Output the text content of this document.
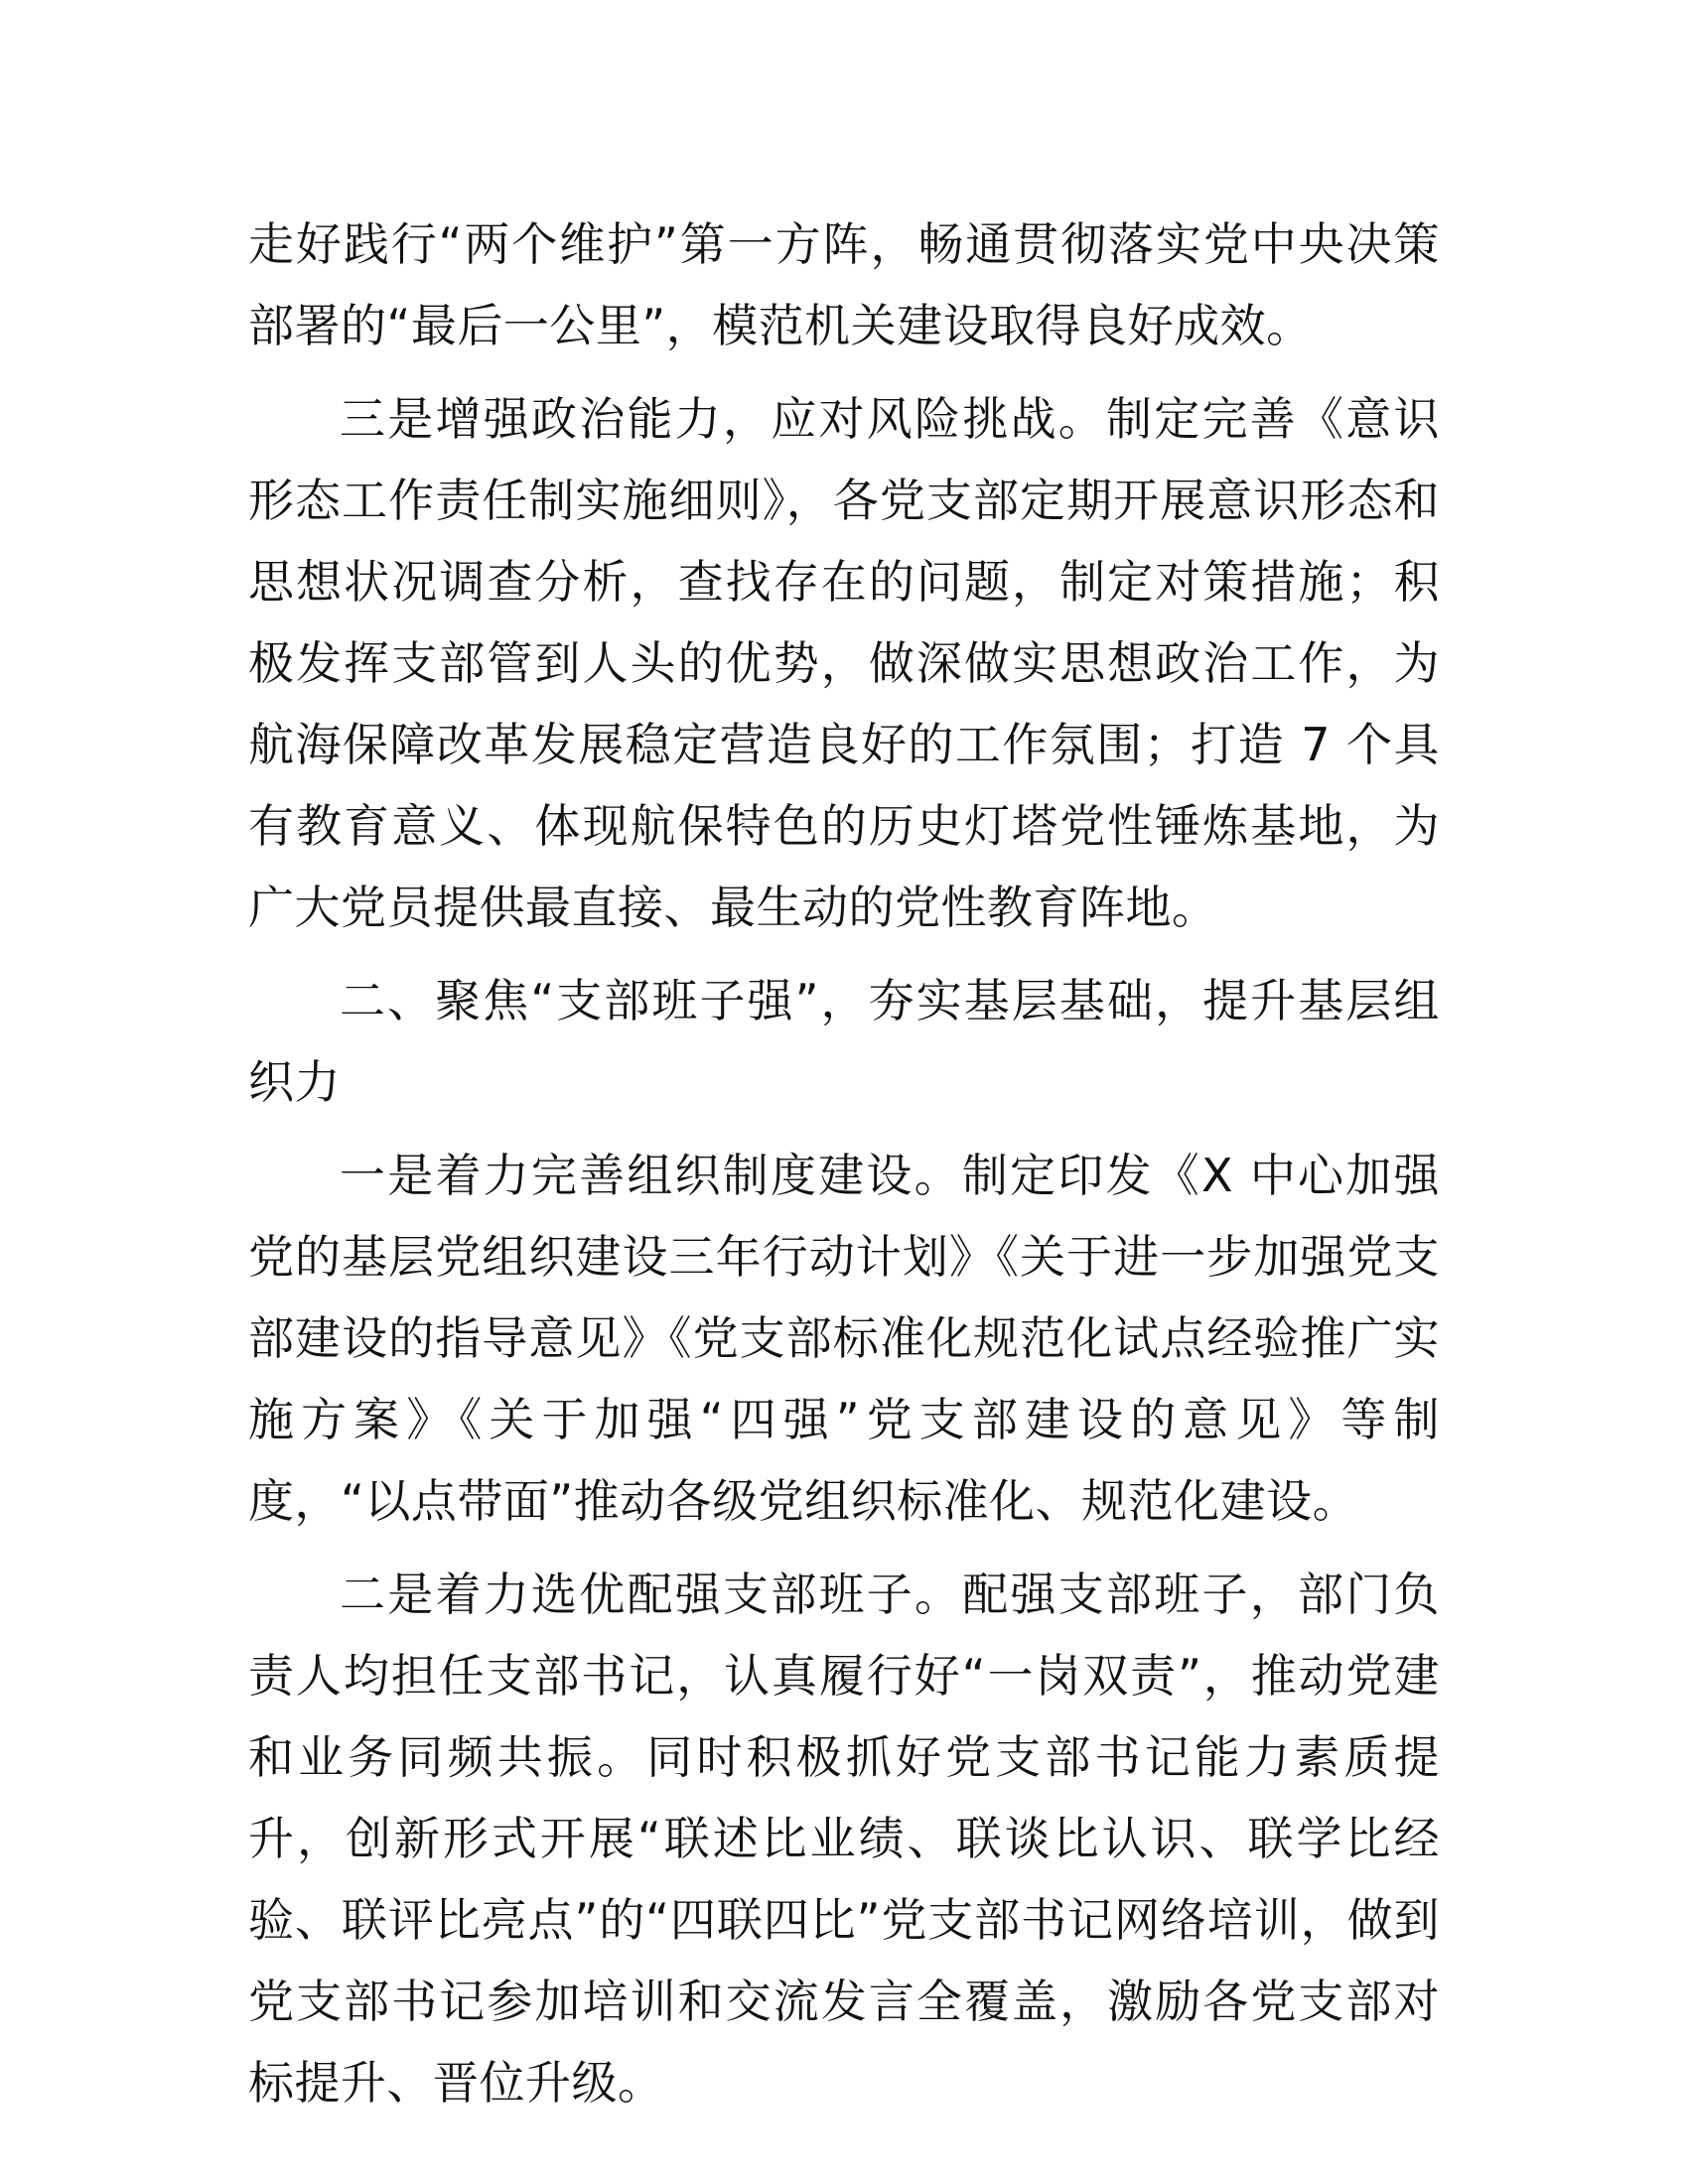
走好践行“两个维护”第一方阵，畅通贯彻落实党中央决策部署的“最后一公里”，模范机关建设取得良好成效。

三是增强政治能力，应对风险挑战。制定完善《意识形态工作责任制实施细则》，各党支部定期开展意识形态和思想状况调查分析，查找存在的问题，制定对策措施；积极发挥支部管到人头的优势，做深做实思想政治工作，为航海保障改革发展稳定营造良好的工作氛围；打造 7 个具有教育意义、体现航保特色的历史灯塔党性锤炼基地，为广大党员提供最直接、最生动的党性教育阵地。

二、聚焦“支部班子强”，夯实基层基础，提升基层组织力

一是着力完善组织制度建设。制定印发《X 中心加强党的基层党组织建设三年行动计划》《关于进一步加强党支部建设的指导意见》《党支部标准化规范化试点经验推广实施方案》《关于加强“四强”党支部建设的意见》等制度，“以点带面”推动各级党组织标准化、规范化建设。

二是着力选优配强支部班子。配强支部班子，部门负责人均担任支部书记，认真履行好“一岗双责”，推动党建和业务同频共振。同时积极抓好党支部书记能力素质提升，创新形式开展“联述比业绩、联谈比认识、联学比经验、联评比亮点”的“四联四比”党支部书记网络培训，做到党支部书记参加培训和交流发言全覆盖，激励各党支部对标提升、晋位升级。
